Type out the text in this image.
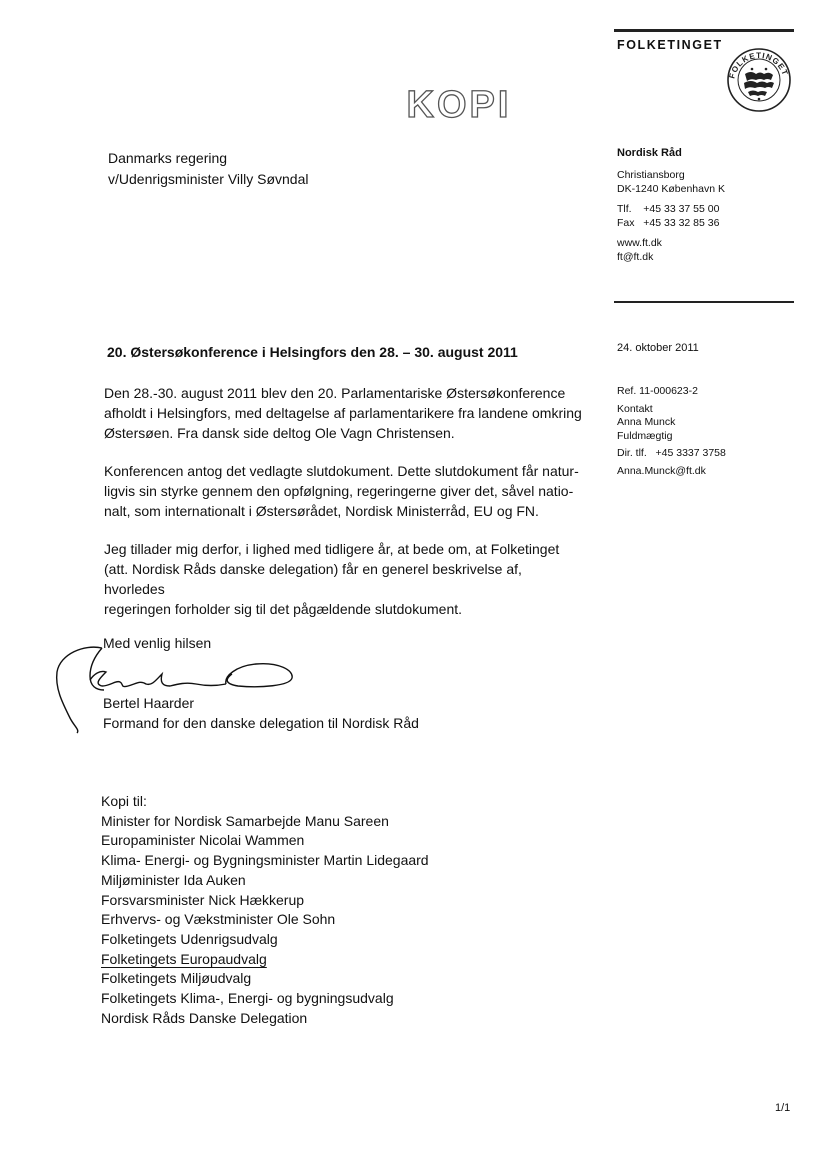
FOLKETINGET
FOLKETINGET
KOPI
Danmarks regering
v/Udenrigsminister Villy Søvndal
Nordisk Råd
Christiansborg
DK-1240 København K
Tlf.    +45 33 37 55 00
Fax   +45 33 32 85 36
www.ft.dk
ft@ft.dk
20. Østersøkonference i Helsingfors den 28. – 30. august 2011	24. oktober 2011

Den 28.-30. august 2011 blev den 20. Parlamentariske Østersøkonference
afholdt i Helsingfors, med deltagelse af parlamentarikere fra landene omkring
Østersøen. Fra dansk side deltog Ole Vagn Christensen.

Konferencen antog det vedlagte slutdokument. Dette slutdokument får natur-
ligvis sin styrke gennem den opfølgning, regeringerne giver det, såvel natio-
nalt, som internationalt i Østersørådet, Nordisk Ministerråd, EU og FN.

Jeg tillader mig derfor, i lighed med tidligere år, at bede om, at Folketinget
(att. Nordisk Råds danske delegation) får en generel beskrivelse af, hvorledes
regeringen forholder sig til det pågældende slutdokument.

Ref. 11-000623-2
Kontakt
Anna Munck
Fuldmægtig
Dir. tlf.   +45 3337 3758
Anna.Munck@ft.dk
Med venlig hilsen
Bertel Haarder
Formand for den danske delegation til Nordisk Råd
Kopi til:
Minister for Nordisk Samarbejde Manu Sareen
Europaminister Nicolai Wammen
Klima- Energi- og Bygningsminister Martin Lidegaard
Miljøminister Ida Auken
Forsvarsminister Nick Hækkerup
Erhvervs- og Vækstminister Ole Sohn
Folketingets Udenrigsudvalg
Folketingets Europaudvalg
Folketingets Miljøudvalg
Folketingets Klima-, Energi- og bygningsudvalg
Nordisk Råds Danske Delegation
1/1
